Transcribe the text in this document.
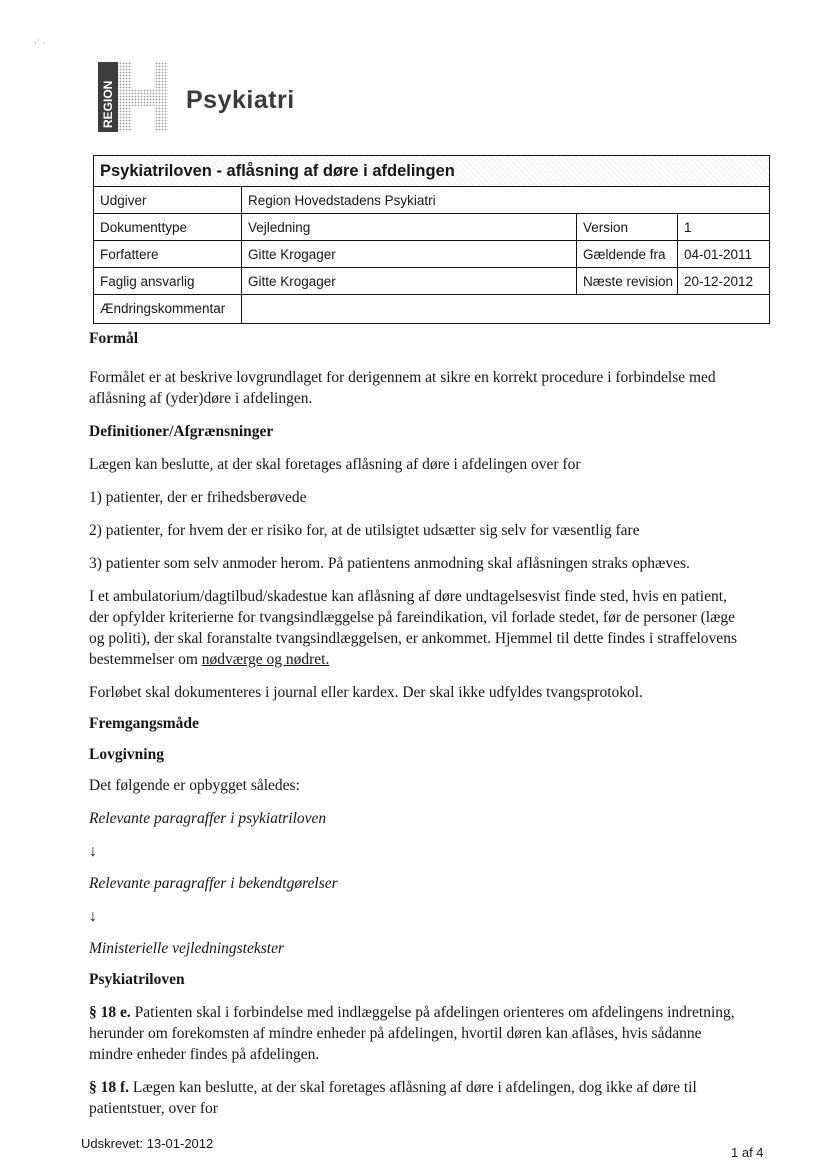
·˙ ·
REGION	Psykiatri
Psykiatriloven - aflåsning af døre i afdelingen
Udgiver	Region Hovedstadens Psykiatri
Dokumenttype	Vejledning	Version	1
Forfattere	Gitte Krogager	Gældende fra	04-01-2011
Faglig ansvarlig	Gitte Krogager	Næste revision 20-12-2012
Ændringskommentar

Formål

Formålet er at beskrive lovgrundlaget for derigennem at sikre en korrekt procedure i forbindelse med aflåsning af (yder)døre i afdelingen.

Definitioner/Afgrænsninger

Lægen kan beslutte, at der skal foretages aflåsning af døre i afdelingen over for

1) patienter, der er frihedsberøvede

2) patienter, for hvem der er risiko for, at de utilsigtet udsætter sig selv for væsentlig fare

3) patienter som selv anmoder herom. På patientens anmodning skal aflåsningen straks ophæves.

I et ambulatorium/dagtilbud/skadestue kan aflåsning af døre undtagelsesvist finde sted, hvis en patient, der opfylder kriterierne for tvangsindlæggelse på fareindikation, vil forlade stedet, før de personer (læge og politi), der skal foranstalte tvangsindlæggelsen, er ankommet. Hjemmel til dette findes i straffelovens bestemmelser om nødværge og nødret.

Forløbet skal dokumenteres i journal eller kardex. Der skal ikke udfyldes tvangsprotokol.

Fremgangsmåde

Lovgivning

Det følgende er opbygget således:

Relevante paragraffer i psykiatriloven

↓

Relevante paragraffer i bekendtgørelser

↓

Ministerielle vejledningstekster

Psykiatriloven

§ 18 e. Patienten skal i forbindelse med indlæggelse på afdelingen orienteres om afdelingens indretning, herunder om forekomsten af mindre enheder på afdelingen, hvortil døren kan aflåses, hvis sådanne mindre enheder findes på afdelingen.

§ 18 f. Lægen kan beslutte, at der skal foretages aflåsning af døre i afdelingen, dog ikke af døre til patientstuer, over for

Udskrevet: 13-01-2012
1 af 4
